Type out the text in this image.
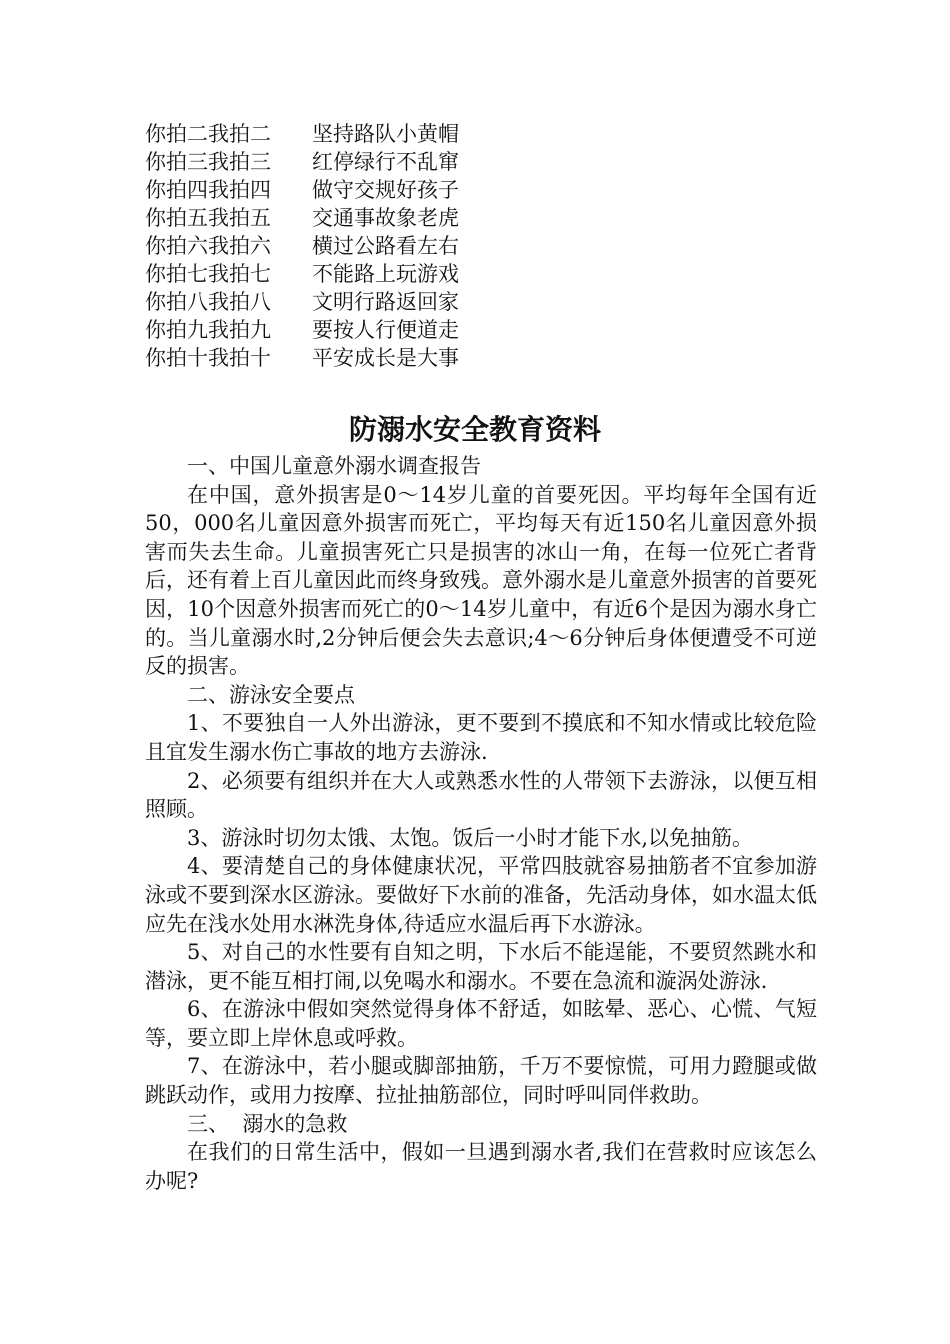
你拍二我拍二 坚持路队小黄帽
你拍三我拍三 红停绿行不乱窜
你拍四我拍四 做守交规好孩子
你拍五我拍五 交通事故象老虎
你拍六我拍六 横过公路看左右
你拍七我拍七 不能路上玩游戏
你拍八我拍八 文明行路返回家
你拍九我拍九 要按人行便道走
你拍十我拍十 平安成长是大事
防溺水安全教育资料

一、中国儿童意外溺水调查报告

在中国，意外损害是0～14岁儿童的首要死因。平均每年全国有近50，000名儿童因意外损害而死亡，平均每天有近150名儿童因意外损害而失去生命。儿童损害死亡只是损害的冰山一角，在每一位死亡者背后，还有着上百儿童因此而终身致残。意外溺水是儿童意外损害的首要死因，10个因意外损害而死亡的0～14岁儿童中，有近6个是因为溺水身亡的。当儿童溺水时,2分钟后便会失去意识;4～6分钟后身体便遭受不可逆反的损害。

二、游泳安全要点

1、不要独自一人外出游泳，更不要到不摸底和不知水情或比较危险且宜发生溺水伤亡事故的地方去游泳.

2、必须要有组织并在大人或熟悉水性的人带领下去游泳，以便互相照顾。

3、游泳时切勿太饿、太饱。饭后一小时才能下水,以免抽筋。

4、要清楚自己的身体健康状况，平常四肢就容易抽筋者不宜参加游泳或不要到深水区游泳。要做好下水前的准备，先活动身体，如水温太低应先在浅水处用水淋洗身体,待适应水温后再下水游泳。

5、对自己的水性要有自知之明，下水后不能逞能，不要贸然跳水和潜泳，更不能互相打闹,以免喝水和溺水。不要在急流和漩涡处游泳.

6、在游泳中假如突然觉得身体不舒适，如眩晕、恶心、心慌、气短等，要立即上岸休息或呼救。

7、在游泳中，若小腿或脚部抽筋，千万不要惊慌，可用力蹬腿或做跳跃动作，或用力按摩、拉扯抽筋部位，同时呼叫同伴救助。

三、  溺水的急救

在我们的日常生活中，假如一旦遇到溺水者,我们在营救时应该怎么办呢?
